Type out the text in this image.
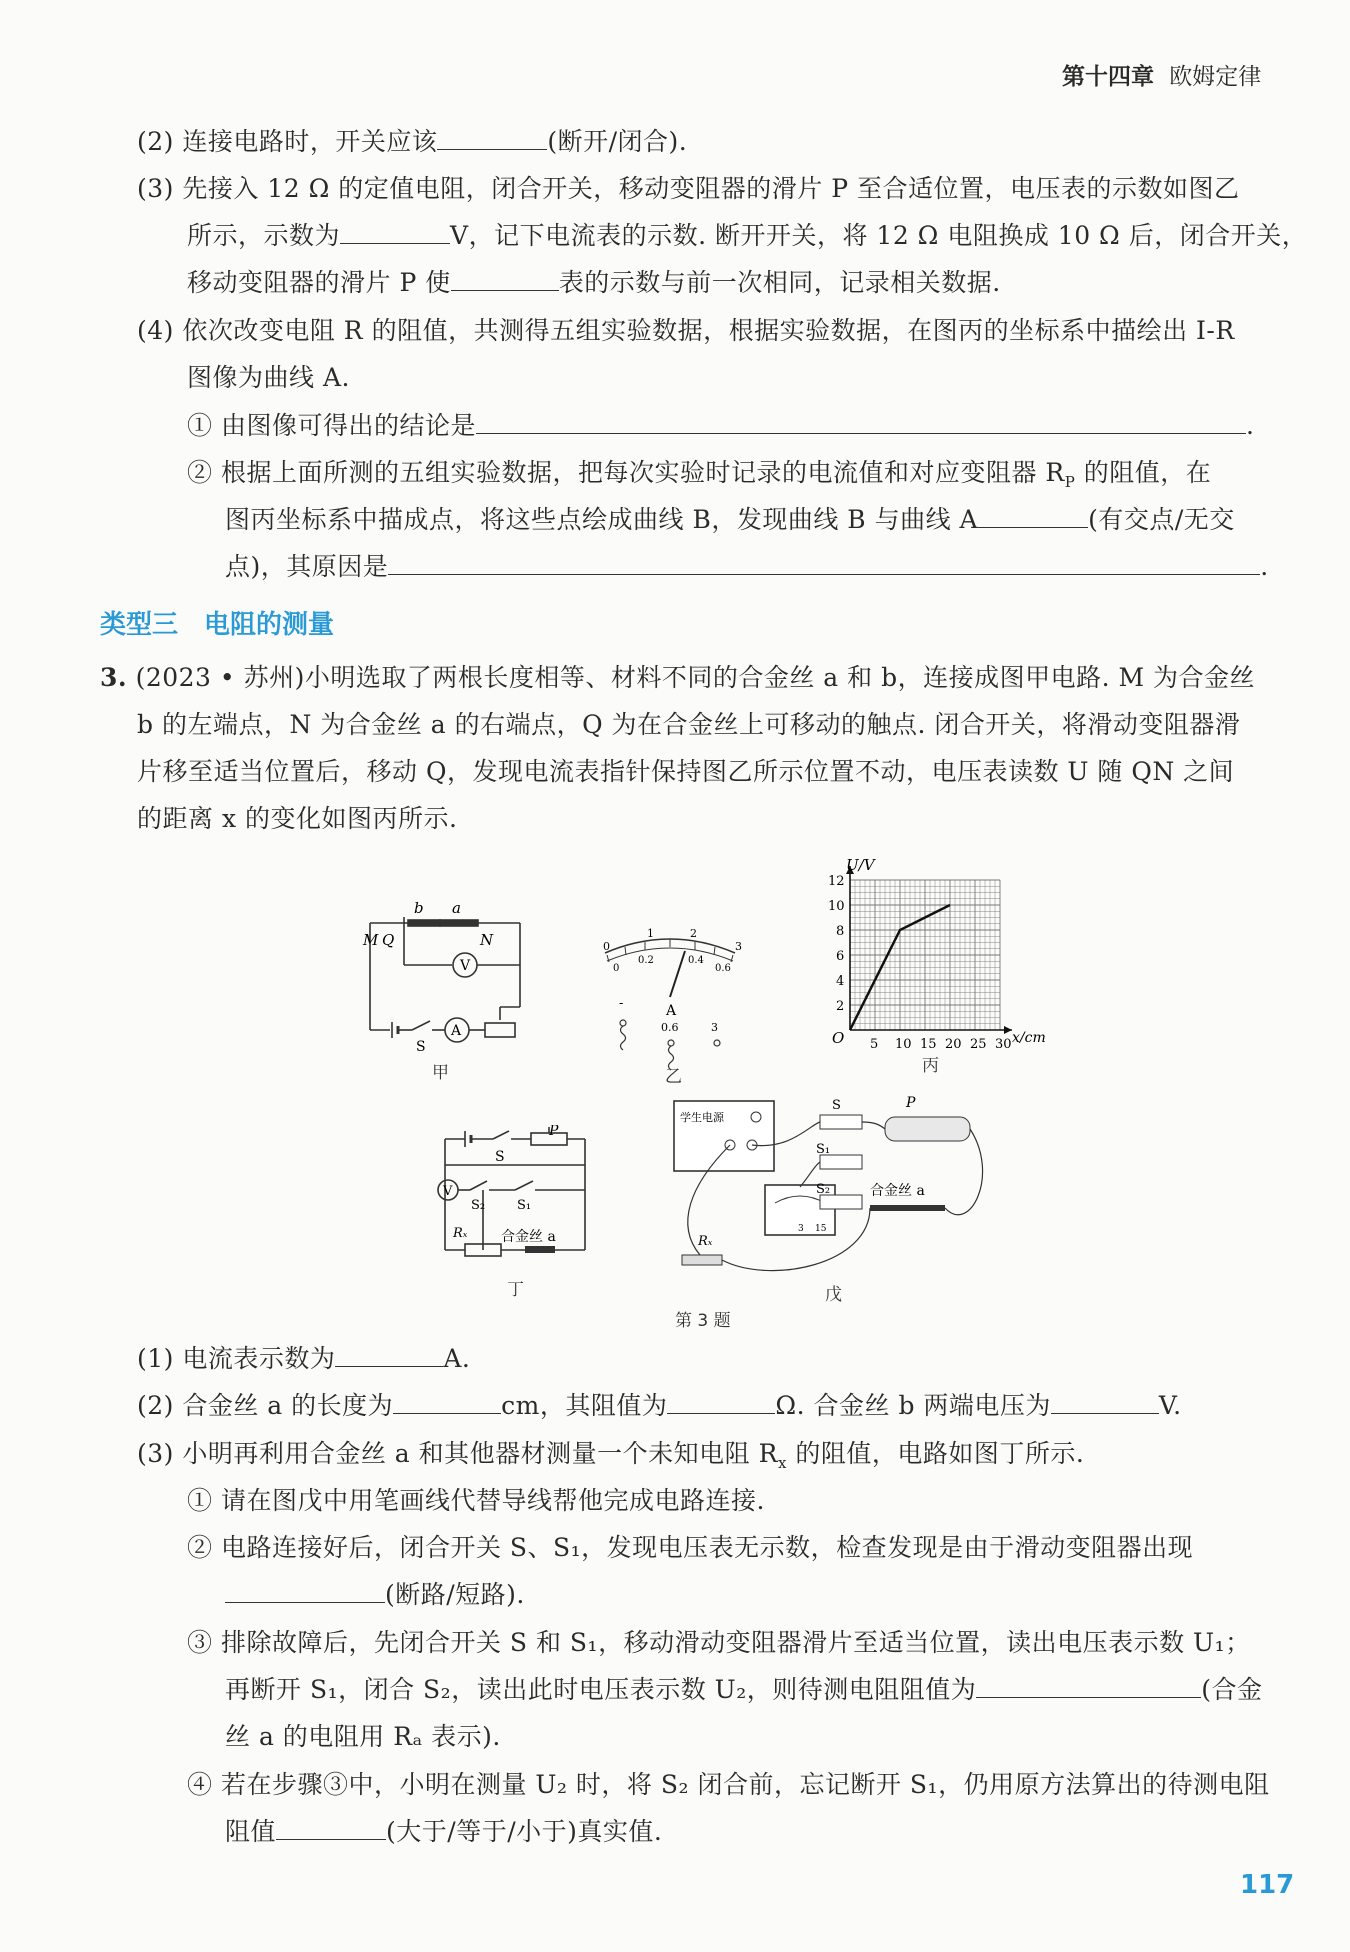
第十四章 欧姆定律
(2) 连接电路时，开关应该	(断开/闭合).
(3) 先接入 12 Ω 的定值电阻，闭合开关，移动变阻器的滑片 P 至合适位置，电压表的示数如图乙
所示，示数为	V，记下电流表的示数. 断开开关，将 12 Ω 电阻换成 10 Ω 后，闭合开关，
移动变阻器的滑片 P 使	表的示数与前一次相同，记录相关数据.
(4) 依次改变电阻 R 的阻值，共测得五组实验数据，根据实验数据，在图丙的坐标系中描绘出 I-R
图像为曲线 A.
① 由图像可得出的结论是	.
② 根据上面所测的五组实验数据，把每次实验时记录的电流值和对应变阻器 $R_P$ 的阻值，在
图丙坐标系中描成点，将这些点绘成曲线 B，发现曲线 B 与曲线 A	(有交点/无交
点)，其原因是	.
类型三　电阻的测量
3. (2023 • 苏州)小明选取了两根长度相等、材料不同的合金丝 a 和 b，连接成图甲电路. M 为合金丝
b 的左端点，N 为合金丝 a 的右端点，Q 为在合金丝上可移动的触点. 闭合开关，将滑动变阻器滑
片移至适当位置后，移动 Q，发现电流表指针保持图乙所示位置不动，电压表读数 U 随 QN 之间
的距离 x 的变化如图丙所示.
b a
M Q	N
V
A
S
甲
0
1	2
3
0
0.2	0.4
0.6
A
-
0.6	3
乙
5 10 15 20 25 30
2
4
6
8
10
12
U/V
x/cm
O
丙
P
S
V
S₂ S₁
Rₓ 合金丝 a
丁
学生电源
3 15
Rₓ
S
S₁
S₂
P
合金丝 a
戊
第 3 题
(1) 电流表示数为	A.
(2) 合金丝 a 的长度为	cm，其阻值为	Ω. 合金丝 b 两端电压为	V.
(3) 小明再利用合金丝 a 和其他器材测量一个未知电阻 $R_x$ 的阻值，电路如图丁所示.
① 请在图戊中用笔画线代替导线帮他完成电路连接.
② 电路连接好后，闭合开关 S、S₁，发现电压表无示数，检查发现是由于滑动变阻器出现
(断路/短路).
③ 排除故障后，先闭合开关 S 和 S₁，移动滑动变阻器滑片至适当位置，读出电压表示数 U₁；
再断开 S₁，闭合 S₂，读出此时电压表示数 U₂，则待测电阻阻值为	(合金
丝 a 的电阻用 Rₐ 表示).
④ 若在步骤③中，小明在测量 U₂ 时，将 S₂ 闭合前，忘记断开 S₁，仍用原方法算出的待测电阻
阻值	(大于/等于/小于)真实值.
117
